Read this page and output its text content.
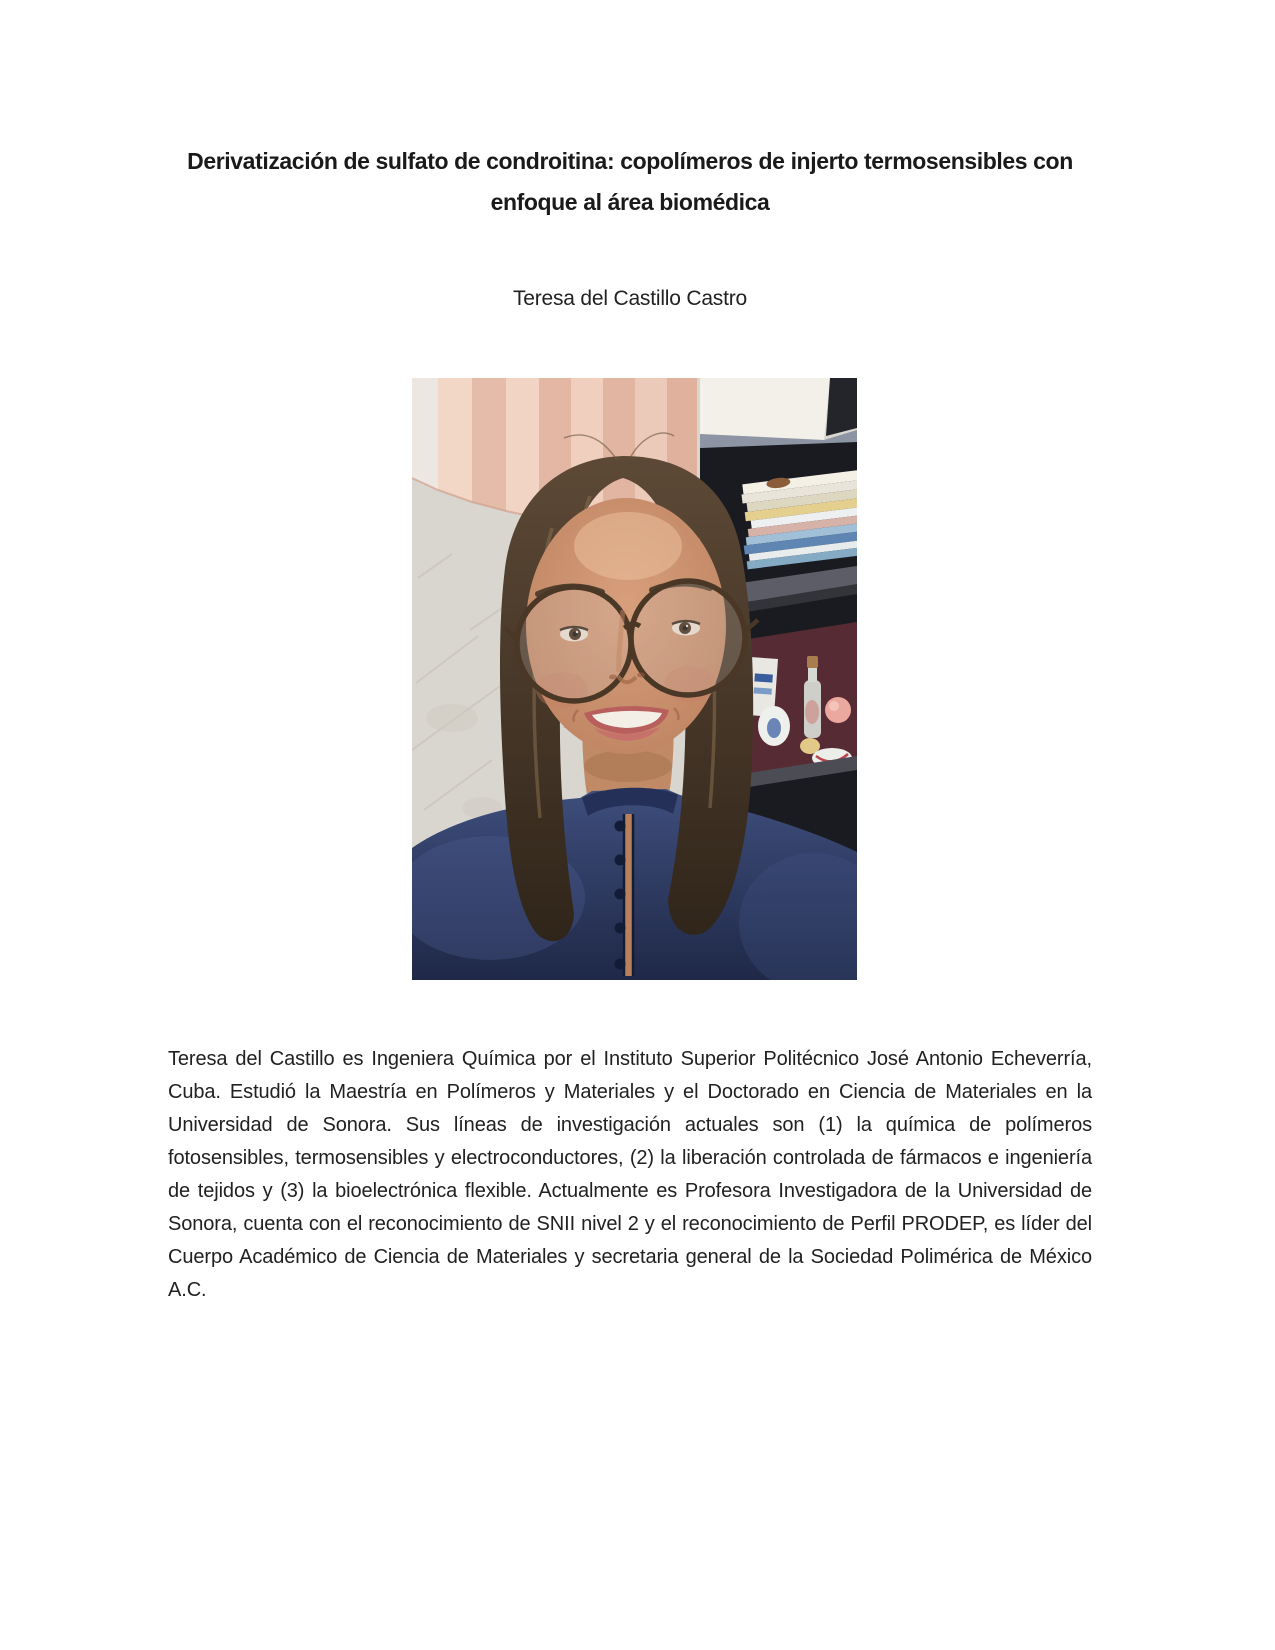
Derivatización de sulfato de condroitina: copolímeros de injerto termosensibles con enfoque al área biomédica
Teresa del Castillo Castro
Teresa del Castillo es Ingeniera Química por el Instituto Superior Politécnico José Antonio Echeverría, Cuba. Estudió la Maestría en Polímeros y Materiales y el Doctorado en Ciencia de Materiales en la Universidad de Sonora. Sus líneas de investigación actuales son (1) la química de polímeros fotosensibles, termosensibles y electroconductores, (2) la liberación controlada de fármacos e ingeniería de tejidos y (3) la bioelectrónica flexible. Actualmente es Profesora Investigadora de la Universidad de Sonora, cuenta con el reconocimiento de SNII nivel 2 y el reconocimiento de Perfil PRODEP, es líder del Cuerpo Académico de Ciencia de Materiales y secretaria general de la Sociedad Polimérica de México A.C.
